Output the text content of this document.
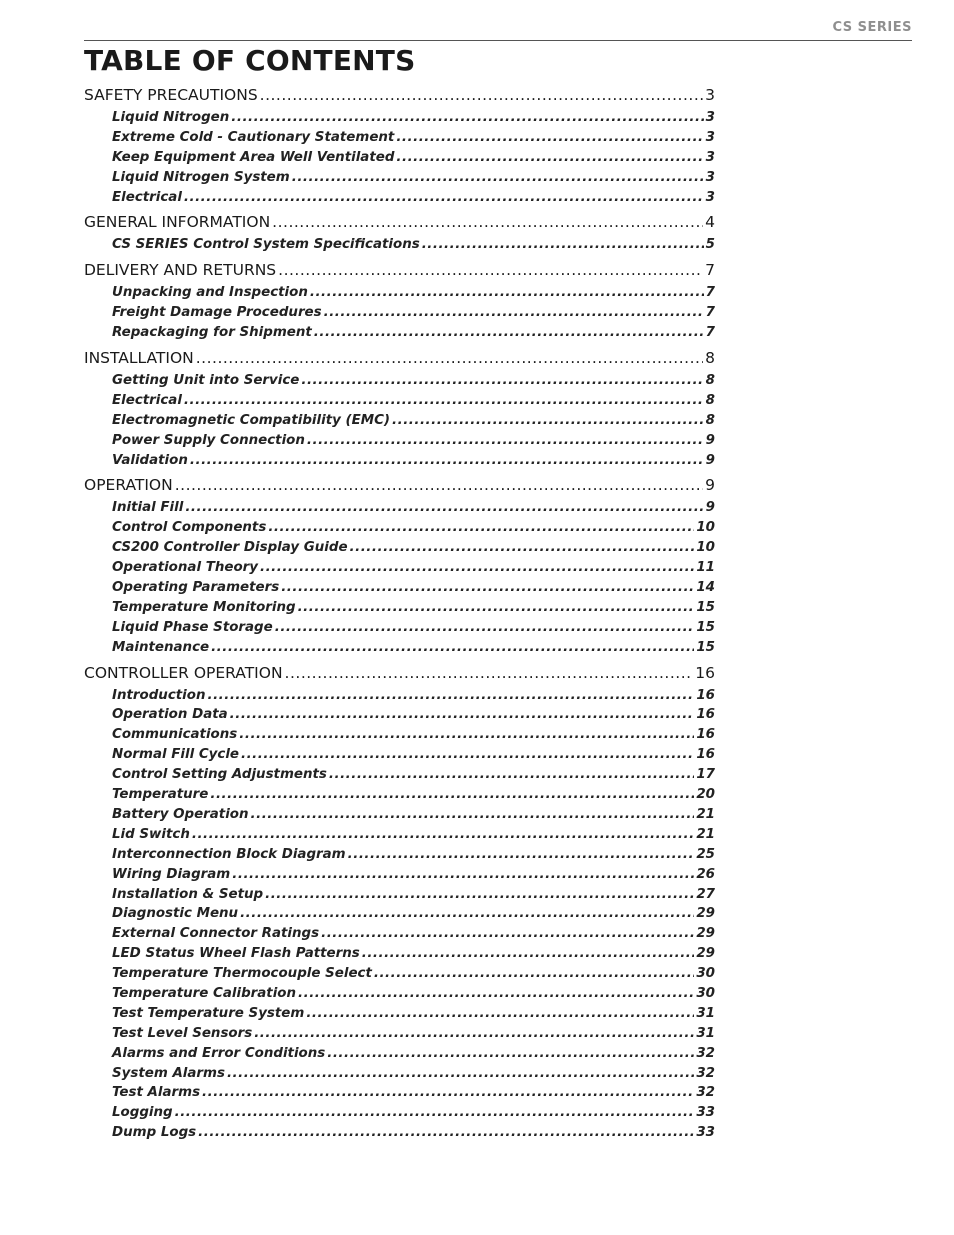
CS SERIES
TABLE OF CONTENTS
SAFETY PRECAUTIONS .....	3
Liquid Nitrogen .....	3
Extreme Cold - Cautionary Statement .....	3
Keep Equipment Area Well Ventilated .....	3
Liquid Nitrogen System .....	3
Electrical .....	3
GENERAL INFORMATION .....	4
CS SERIES Control System Specifications .....	5
DELIVERY AND RETURNS .....	7
Unpacking and Inspection .....	7
Freight Damage Procedures .....	7
Repackaging for Shipment .....	7
INSTALLATION .....	8
Getting Unit into Service .....	8
Electrical .....	8
Electromagnetic Compatibility (EMC) .....	8
Power Supply Connection .....	9
Validation .....	9
OPERATION .....	9
Initial Fill .....	9
Control Components .....	10
CS200 Controller Display Guide .....	10
Operational Theory .....	11
Operating Parameters .....	14
Temperature Monitoring .....	15
Liquid Phase Storage .....	15
Maintenance .....	15
CONTROLLER OPERATION .....	16
Introduction .....	16
Operation Data .....	16
Communications .....	16
Normal Fill Cycle .....	16
Control Setting Adjustments .....	17
Temperature .....	20
Battery Operation .....	21
Lid Switch .....	21
Interconnection Block Diagram .....	25
Wiring Diagram .....	26
Installation & Setup .....	27
Diagnostic Menu .....	29
External Connector Ratings .....	29
LED Status Wheel Flash Patterns .....	29
Temperature Thermocouple Select .....	30
Temperature Calibration .....	30
Test Temperature System .....	31
Test Level Sensors .....	31
Alarms and Error Conditions .....	32
System Alarms .....	32
Test Alarms .....	32
Logging .....	33
Dump Logs .....	33
